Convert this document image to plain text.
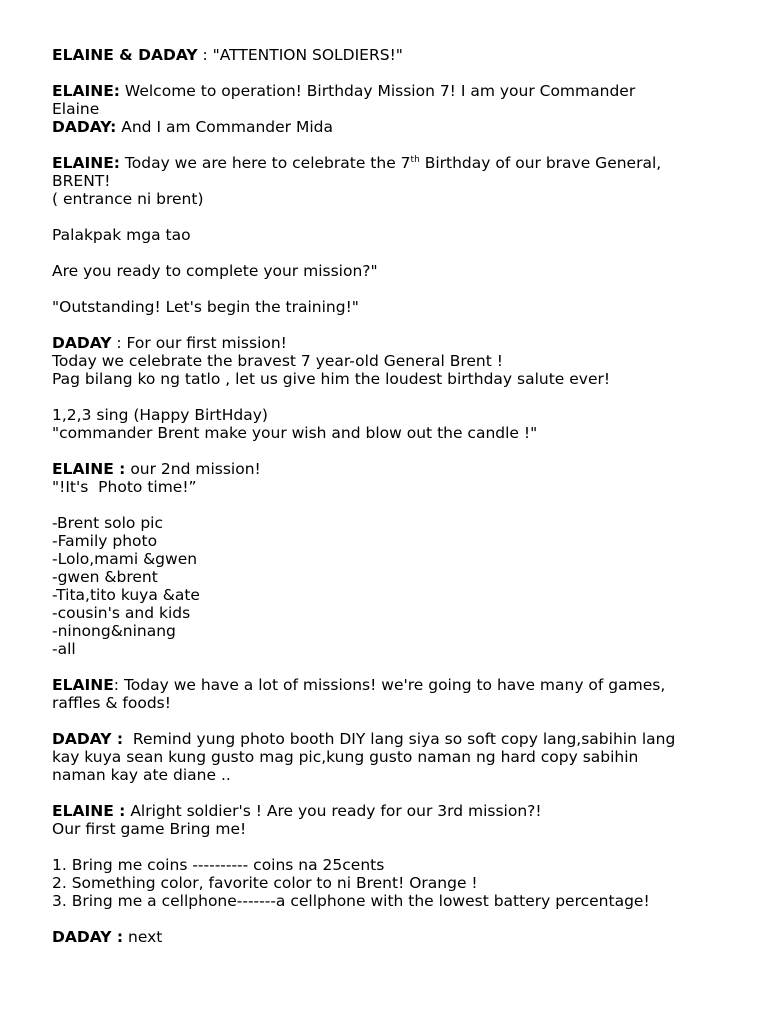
ELAINE & DADAY : "ATTENTION SOLDIERS!"
ELAINE: Welcome to operation! Birthday Mission 7! I am your Commander
Elaine
DADAY: And I am Commander Mida
ELAINE: Today we are here to celebrate the 7th Birthday of our brave General,
BRENT!
( entrance ni brent)
Palakpak mga tao
Are you ready to complete your mission?"
"Outstanding! Let's begin the training!"
DADAY : For our first mission!
Today we celebrate the bravest 7 year-old General Brent !
Pag bilang ko ng tatlo , let us give him the loudest birthday salute ever!
1,2,3 sing (Happy BirtHday)
"commander Brent make your wish and blow out the candle !"
ELAINE : our 2nd mission!
"!It's  Photo time!”
-Brent solo pic
-Family photo
-Lolo,mami &gwen
-gwen &brent
-Tita,tito kuya &ate
-cousin's and kids
-ninong&ninang
-all
ELAINE: Today we have a lot of missions! we're going to have many of games,
raffles & foods!
DADAY :  Remind yung photo booth DIY lang siya so soft copy lang,sabihin lang
kay kuya sean kung gusto mag pic,kung gusto naman ng hard copy sabihin
naman kay ate diane ..
ELAINE : Alright soldier's ! Are you ready for our 3rd mission?!
Our first game Bring me!
1. Bring me coins ---------- coins na 25cents
2. Something color, favorite color to ni Brent! Orange !
3. Bring me a cellphone-------a cellphone with the lowest battery percentage!
DADAY : next
